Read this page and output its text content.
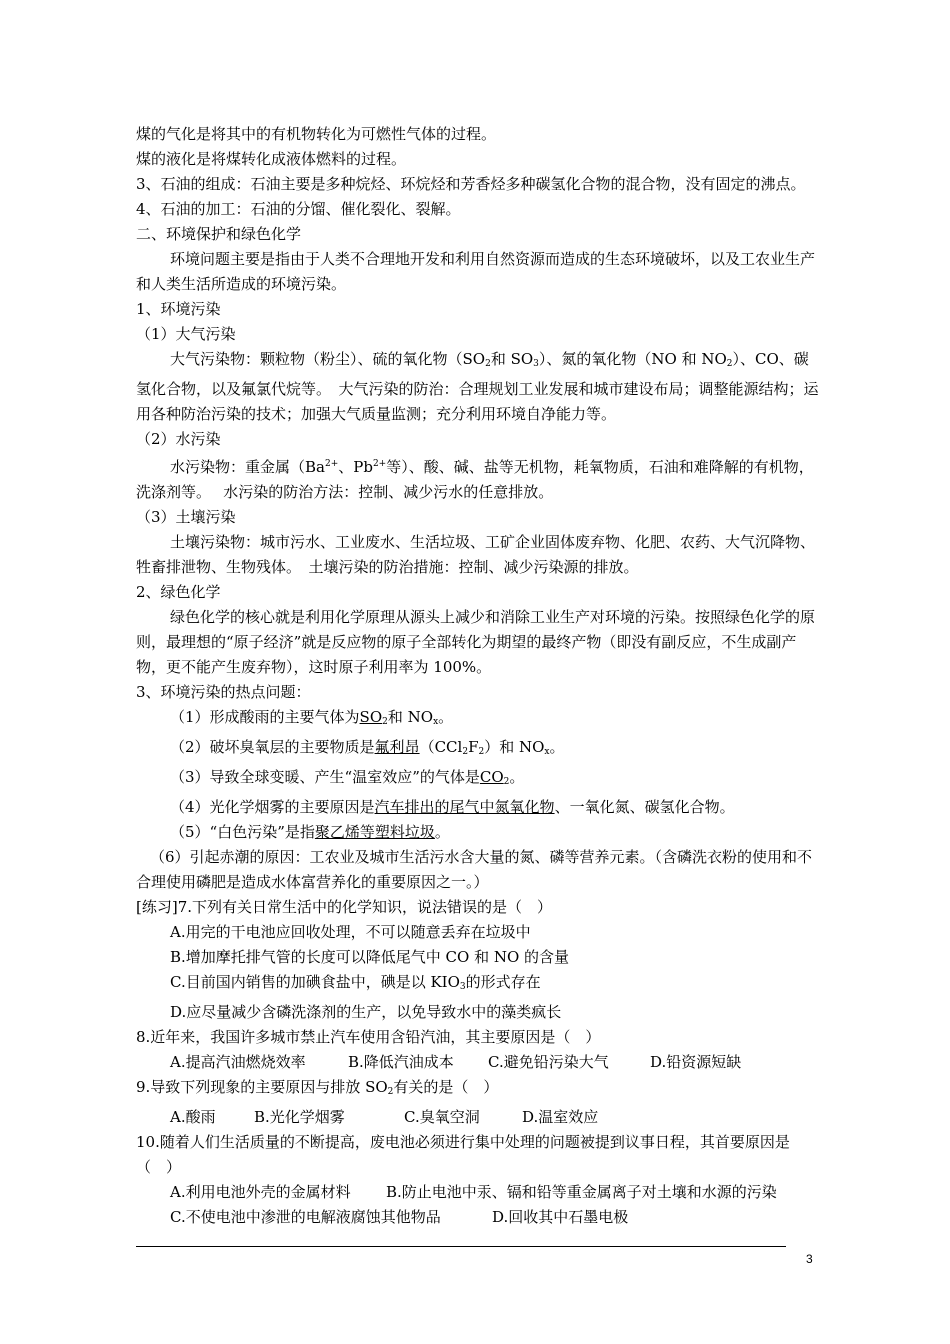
煤的气化是将其中的有机物转化为可燃性气体的过程。

煤的液化是将煤转化成液体燃料的过程。

3、石油的组成：石油主要是多种烷烃、环烷烃和芳香烃多种碳氢化合物的混合物，没有固定的沸点。

4、石油的加工：石油的分馏、催化裂化、裂解。

二、环境保护和绿色化学

环境问题主要是指由于人类不合理地开发和利用自然资源而造成的生态环境破坏，以及工农业生产和人类生活所造成的环境污染。

1、环境污染

（1）大气污染

大气污染物：颗粒物（粉尘）、硫的氧化物（$SO_2$和 $SO_3$）、氮的氧化物（NO 和 $NO_2$）、CO、碳氢化合物，以及氟氯代烷等。　大气污染的防治：合理规划工业发展和城市建设布局；调整能源结构；运用各种防治污染的技术；加强大气质量监测；充分利用环境自净能力等。

（2）水污染

水污染物：重金属（$Ba^{2+}$、$Pb^{2+}$等）、酸、碱、盐等无机物，耗氧物质，石油和难降解的有机物，洗涤剂等。　 水污染的防治方法：控制、减少污水的任意排放。

（3）土壤污染

土壤污染物：城市污水、工业废水、生活垃圾、工矿企业固体废弃物、化肥、农药、大气沉降物、牲畜排泄物、生物残体。　土壤污染的防治措施：控制、减少污染源的排放。

2、绿色化学

绿色化学的核心就是利用化学原理从源头上减少和消除工业生产对环境的污染。按照绿色化学的原则，最理想的“原子经济”就是反应物的原子全部转化为期望的最终产物（即没有副反应，不生成副产物，更不能产生废弃物），这时原子利用率为 100%。

3、环境污染的热点问题：

（1）形成酸雨的主要气体为$SO_2$和 $NO_x$。

（2）破坏臭氧层的主要物质是氟利昂$(CCl_2F_2)$和 $NO_x$。

（3）导致全球变暖、产生“温室效应”的气体是$CO_2$。

（4）光化学烟雾的主要原因是汽车排出的尾气中氮氧化物、一氧化氮、碳氢化合物。

（5）“白色污染”是指聚乙烯等塑料垃圾。

（6）引起赤潮的原因：工农业及城市生活污水含大量的氮、磷等营养元素。（含磷洗衣粉的使用和不合理使用磷肥是造成水体富营养化的重要原因之一。）

[练习]7.下列有关日常生活中的化学知识，说法错误的是（　）

A.用完的干电池应回收处理，不可以随意丢弃在垃圾中

B.增加摩托排气管的长度可以降低尾气中 CO 和 NO 的含量

C.目前国内销售的加碘食盐中，碘是以 $KIO_3$的形式存在

D.应尽量减少含磷洗涤剂的生产，以免导致水中的藻类疯长

8.近年来，我国许多城市禁止汽车使用含铅汽油，其主要原因是（　）

A.提高汽油燃烧效率	B.降低汽油成本 C.避免铅污染大气	D.铅资源短缺

9.导致下列现象的主要原因与排放 $SO_2$有关的是（　）

A.酸雨	B.光化学烟雾	C.臭氧空洞	D.温室效应

10.随着人们生活质量的不断提高，废电池必须进行集中处理的问题被提到议事日程，其首要原因是（　）

A.利用电池外壳的金属材料 B.防止电池中汞、镉和铅等重金属离子对土壤和水源的污染

C.不使电池中渗泄的电解液腐蚀其他物品	D.回收其中石墨电极

3
